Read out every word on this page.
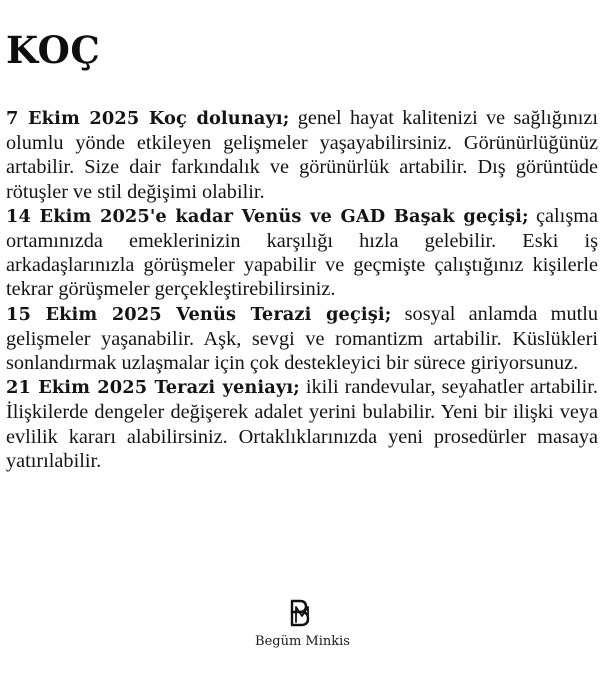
KOÇ

7 Ekim 2025 Koç dolunayı; genel hayat kalitenizi ve sağlığınızı olumlu yönde etkileyen gelişmeler yaşayabilirsiniz. Görünürlüğünüz artabilir. Size dair farkındalık ve görünürlük artabilir. Dış görüntüde rötuşler ve stil değişimi olabilir.

14 Ekim 2025'e kadar Venüs ve GAD Başak geçişi; çalışma ortamınızda emeklerinizin karşılığı hızla gelebilir. Eski iş arkadaşlarınızla görüşmeler yapabilir ve geçmişte çalıştığınız kişilerle tekrar görüşmeler gerçekleştirebilirsiniz.

15 Ekim 2025 Venüs Terazi geçişi; sosyal anlamda mutlu gelişmeler yaşanabilir. Aşk, sevgi ve romantizm artabilir. Küslükleri sonlandırmak uzlaşmalar için çok destekleyici bir sürece giriyorsunuz.

21 Ekim 2025 Terazi yeniayı; ikili randevular, seyahatler artabilir. İlişkilerde dengeler değişerek adalet yerini bulabilir. Yeni bir ilişki veya evlilik kararı alabilirsiniz. Ortaklıklarınızda yeni prosedürler masaya yatırılabilir.

Begüm Minkis
